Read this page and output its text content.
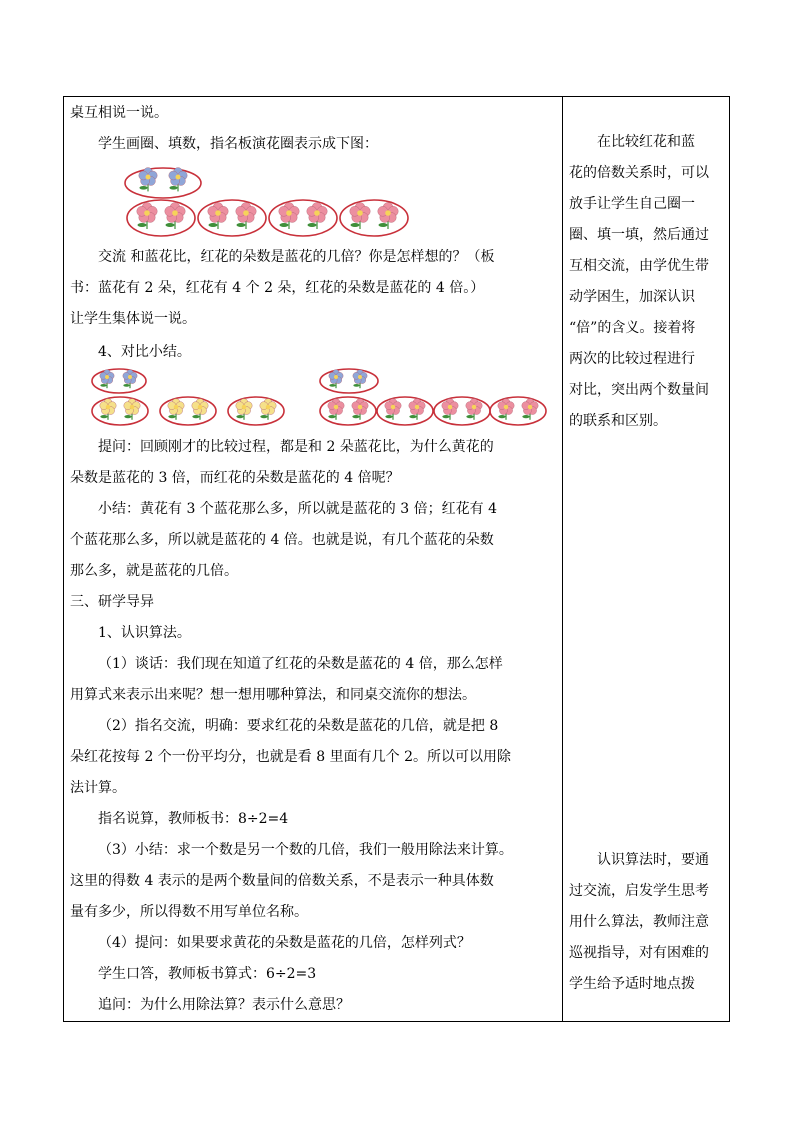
桌互相说一说。
学生画圈、填数，指名板演花圈表示成下图：
交流 和蓝花比，红花的朵数是蓝花的几倍？你是怎样想的？（板
书：蓝花有 2 朵，红花有 4 个 2 朵，红花的朵数是蓝花的 4 倍。）
让学生集体说一说。
4、对比小结。
提问：回顾刚才的比较过程，都是和 2 朵蓝花比，为什么黄花的
朵数是蓝花的 3 倍，而红花的朵数是蓝花的 4 倍呢？
小结：黄花有 3 个蓝花那么多，所以就是蓝花的 3 倍；红花有 4
个蓝花那么多，所以就是蓝花的 4 倍。也就是说，有几个蓝花的朵数
那么多，就是蓝花的几倍。
三、研学导异
1、认识算法。
（1）谈话：我们现在知道了红花的朵数是蓝花的 4 倍，那么怎样
用算式来表示出来呢？想一想用哪种算法，和同桌交流你的想法。
（2）指名交流，明确：要求红花的朵数是蓝花的几倍，就是把 8
朵红花按每 2 个一份平均分，也就是看 8 里面有几个 2。所以可以用除
法计算。
指名说算，教师板书：8÷2=4
（3）小结：求一个数是另一个数的几倍，我们一般用除法来计算。
这里的得数 4 表示的是两个数量间的倍数关系，不是表示一种具体数
量有多少，所以得数不用写单位名称。
（4）提问：如果要求黄花的朵数是蓝花的几倍，怎样列式？
学生口答，教师板书算式：6÷2=3
追问：为什么用除法算？表示什么意思？
在比较红花和蓝
花的倍数关系时，可以
放手让学生自己圈一
圈、填一填，然后通过
互相交流，由学优生带
动学困生，加深认识
“倍”的含义。接着将
两次的比较过程进行
对比，突出两个数量间
的联系和区别。
认识算法时，要通
过交流，启发学生思考
用什么算法，教师注意
巡视指导，对有困难的
学生给予适时地点拨
